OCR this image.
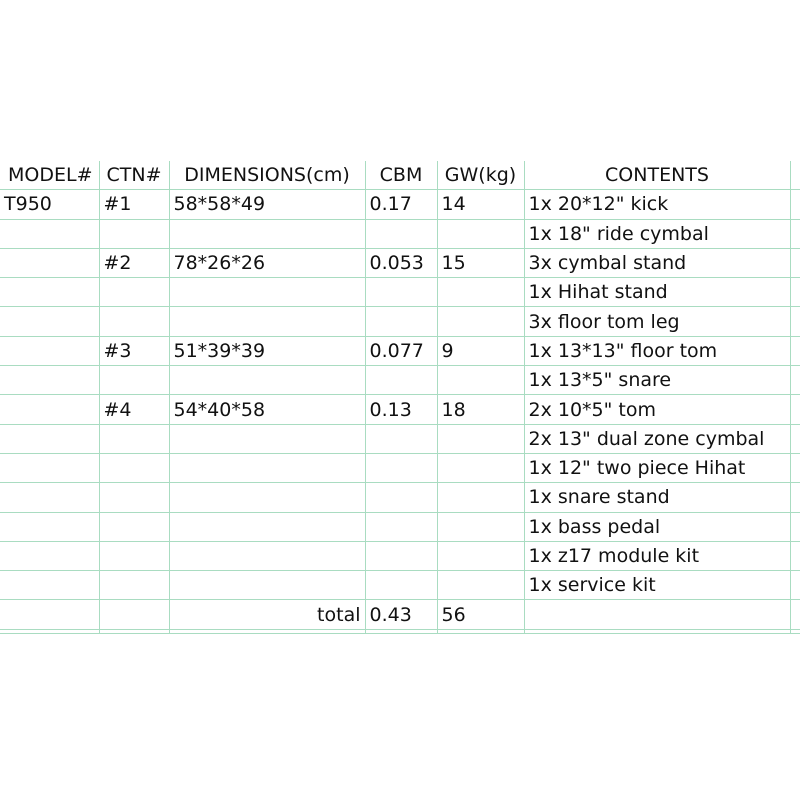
MODEL#	CTN#	DIMENSIONS(cm)	CBM	GW(kg)	CONTENTS	
T950	#1	58*58*49	0.17	14	1x 20*12" kick	
					1x 18" ride cymbal	
	#2	78*26*26	0.053	15	3x cymbal stand	
					1x Hihat stand	
					3x floor tom leg	
	#3	51*39*39	0.077	9	1x 13*13" floor tom	
					1x 13*5" snare	
	#4	54*40*58	0.13	18	2x 10*5" tom	
					2x 13" dual zone cymbal	
					1x 12" two piece Hihat	
					1x snare stand	
					1x bass pedal	
					1x z17 module kit	
					1x service kit	
		total	0.43	56		
